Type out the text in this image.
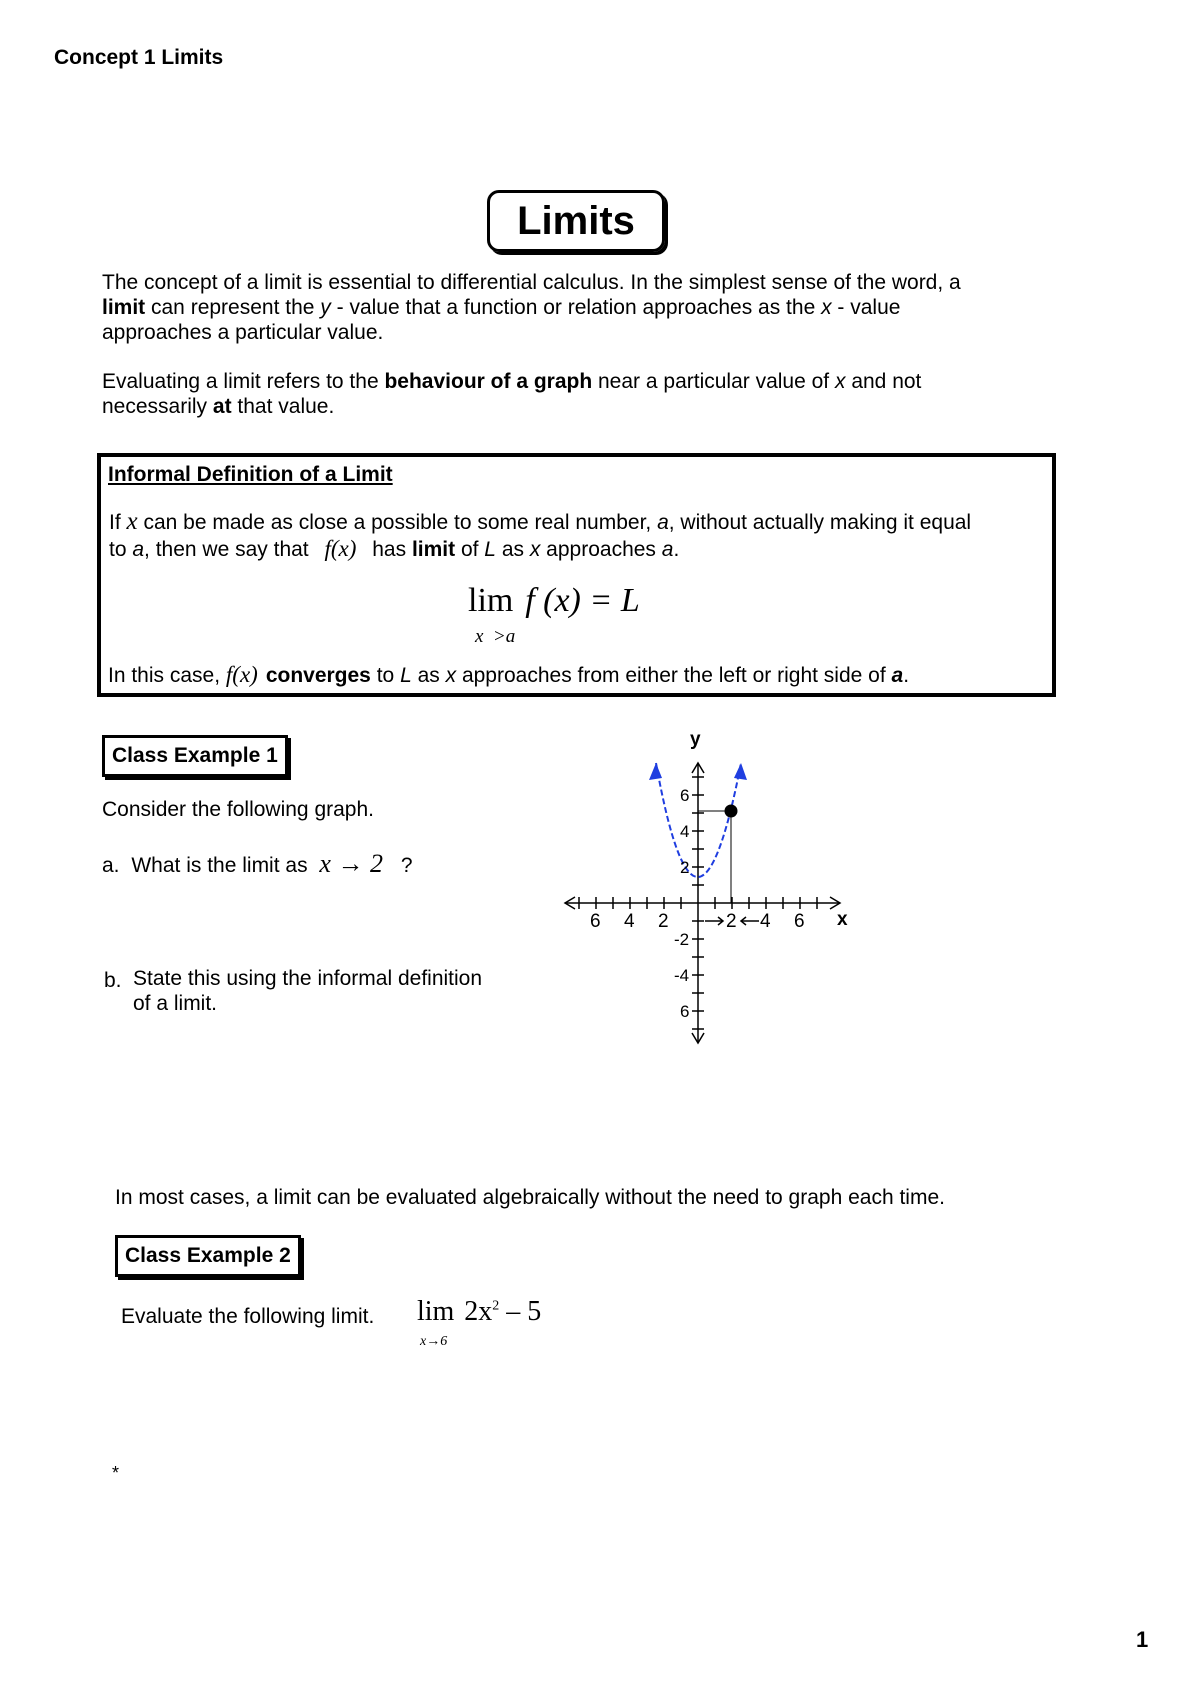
Concept 1 Limits
Limits
The concept of a limit is essential to differential calculus. In the simplest sense of the word, a
limit can represent the y - value that a function or relation approaches as the x - value
approaches a particular value.
Evaluating a limit refers to the behaviour of a graph near a particular value of x and not
necessarily at that value.
Informal Definition of a Limit
If x can be made as close a possible to some real number, a, without actually making it equal
to a, then we say that f(x) has limit of L as x approaches a.
lim f (x) = L
x  >a
In this case, f(x) converges to L as x approaches from either the left or right side of a.
Class Example 1
Consider the following graph.
a. What is the limit as x → 2 ?
b. State this using the informal definition
of a limit.
y
x
6 4 2	2 4 6
6
4
2
-2
-4
6
In most cases, a limit can be evaluated algebraically without the need to graph each time.
Class Example 2
Evaluate the following limit. $\lim 2x^2 - 5$
x→6
*
1
